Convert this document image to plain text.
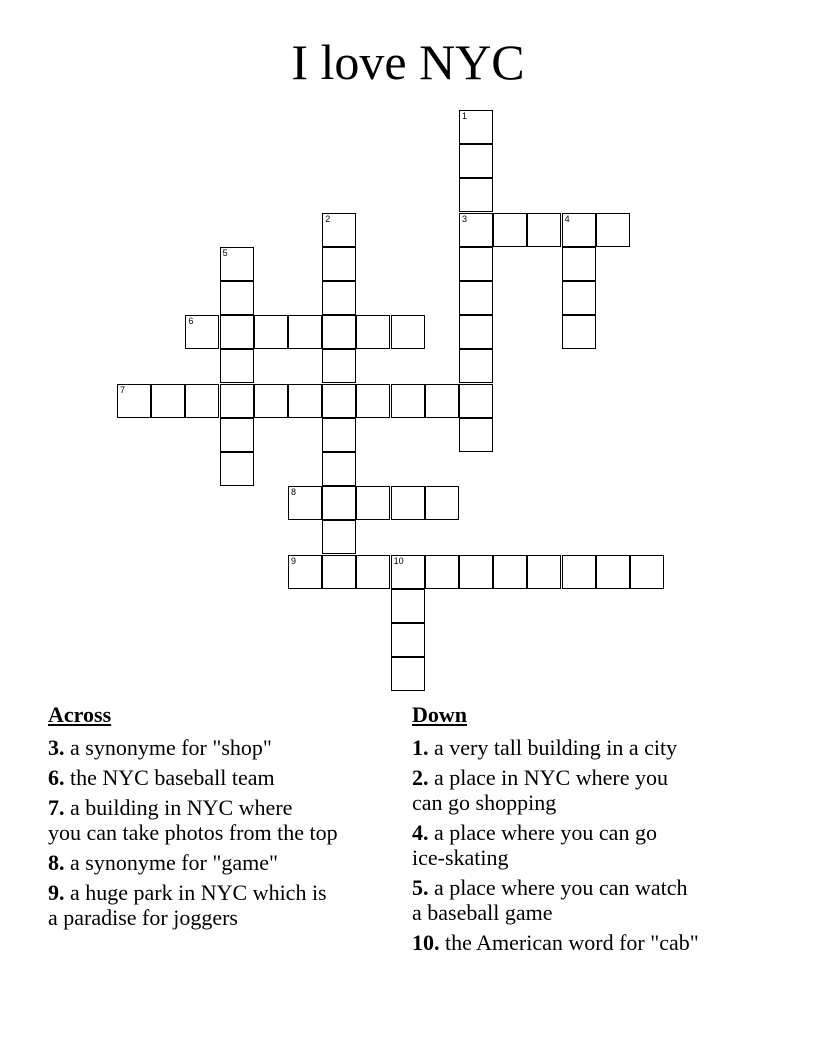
I love NYC
1
3	4
2
5
6
7
8
9	10
Across
3. a synonyme for "shop"
6. the NYC baseball team
7. a building in NYC where
you can take photos from the top
8. a synonyme for "game"
9. a huge park in NYC which is
a paradise for joggers
Down
1. a very tall building in a city
2. a place in NYC where you
can go shopping
4. a place where you can go
ice-skating
5. a place where you can watch
a baseball game
10. the American word for "cab"
